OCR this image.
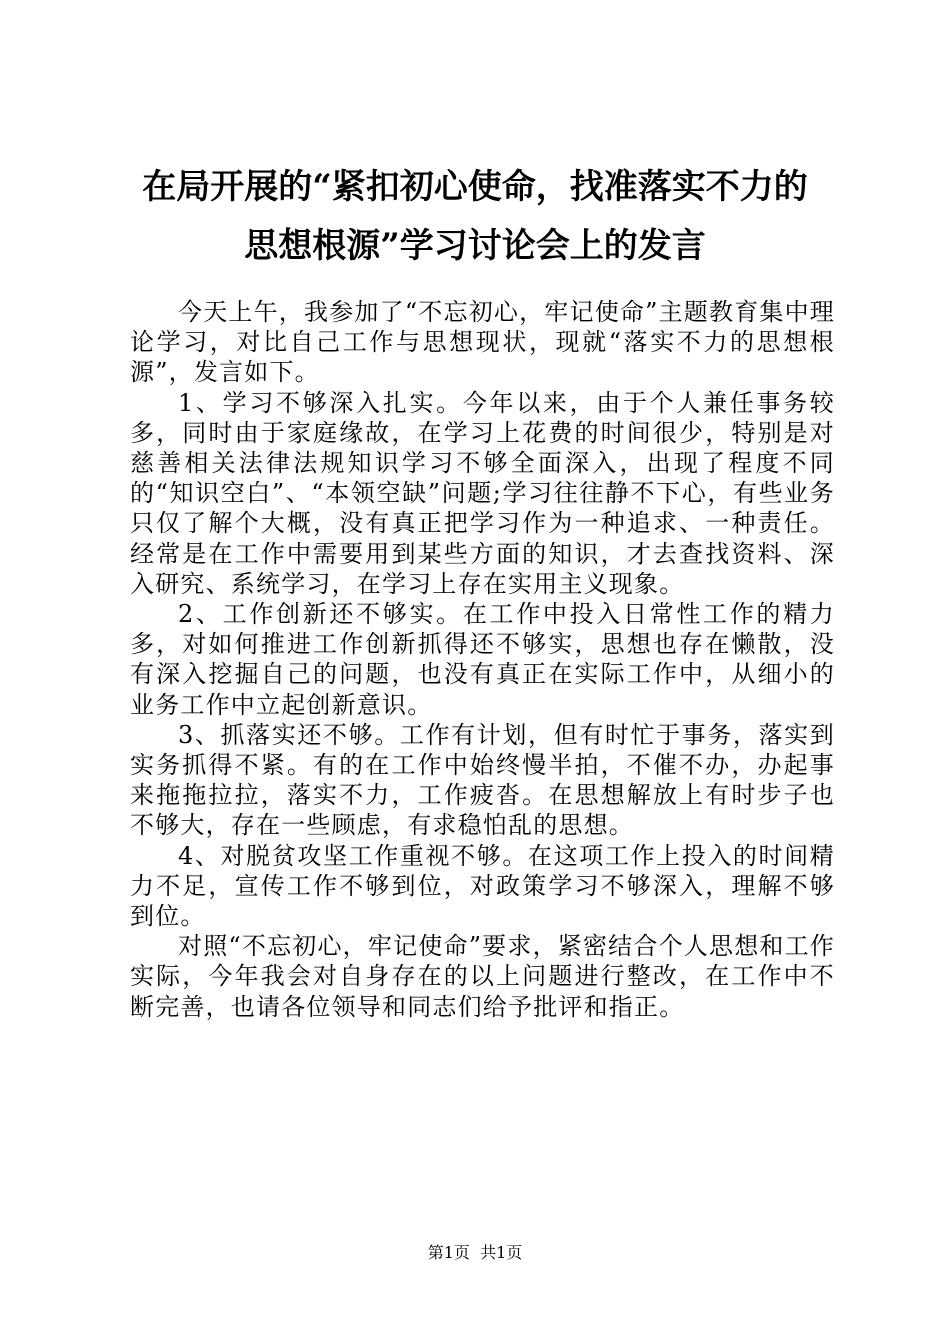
在局开展的“紧扣初心使命，找准落实不力的
思想根源”学习讨论会上的发言

今天上午，我参加了“不忘初心，牢记使命”主题教育集中理论学习，对比自己工作与思想现状，现就“落实不力的思想根源”，发言如下。

1、学习不够深入扎实。今年以来，由于个人兼任事务较多，同时由于家庭缘故，在学习上花费的时间很少，特别是对慈善相关法律法规知识学习不够全面深入，出现了程度不同的“知识空白”、“本领空缺”问题;学习往往静不下心，有些业务只仅了解个大概，没有真正把学习作为一种追求、一种责任。经常是在工作中需要用到某些方面的知识，才去查找资料、深入研究、系统学习，在学习上存在实用主义现象。

2、工作创新还不够实。在工作中投入日常性工作的精力多，对如何推进工作创新抓得还不够实，思想也存在懒散，没有深入挖掘自己的问题，也没有真正在实际工作中，从细小的业务工作中立起创新意识。

3、抓落实还不够。工作有计划，但有时忙于事务，落实到实务抓得不紧。有的在工作中始终慢半拍，不催不办，办起事来拖拖拉拉，落实不力，工作疲沓。在思想解放上有时步子也不够大，存在一些顾虑，有求稳怕乱的思想。

4、对脱贫攻坚工作重视不够。在这项工作上投入的时间精力不足，宣传工作不够到位，对政策学习不够深入，理解不够到位。

对照“不忘初心，牢记使命”要求，紧密结合个人思想和工作实际，今年我会对自身存在的以上问题进行整改，在工作中不断完善，也请各位领导和同志们给予批评和指正。

第1页  共1页
